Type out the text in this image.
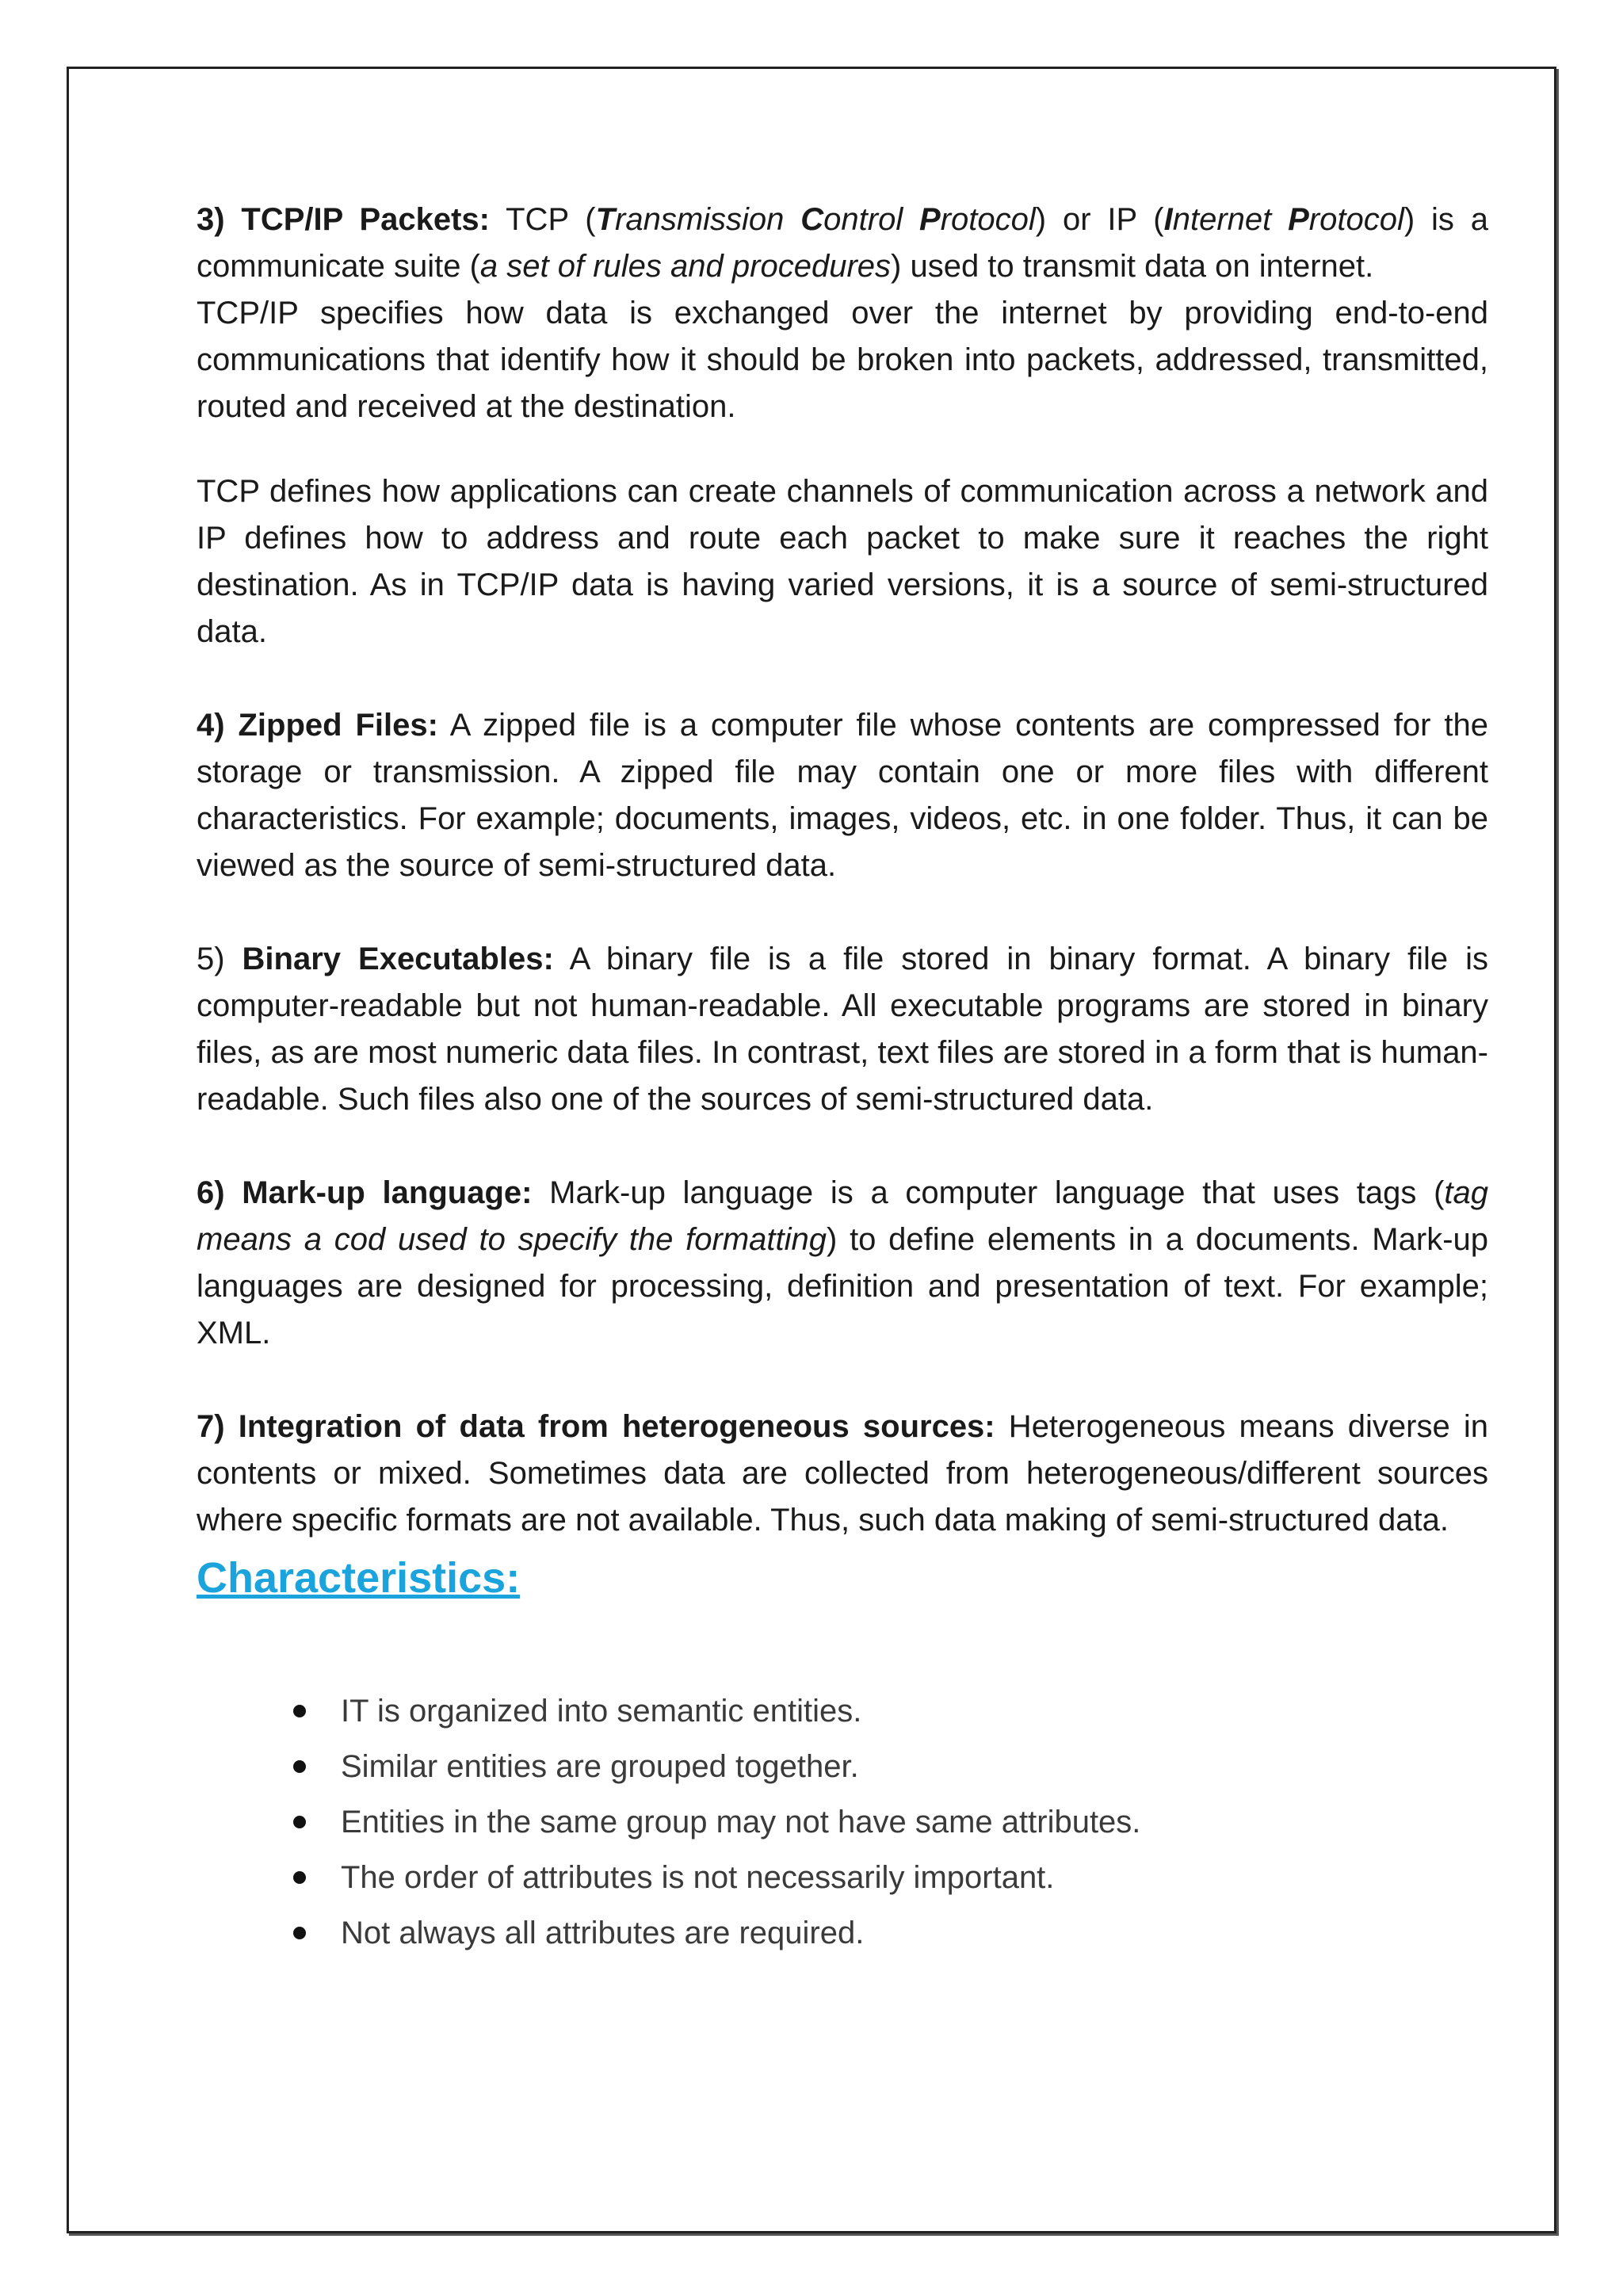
3) TCP/IP Packets: TCP (Transmission Control Protocol) or IP (Internet Protocol) is a communicate suite (a set of rules and procedures) used to transmit data on internet.

TCP/IP specifies how data is exchanged over the internet by providing end-to-end communications that identify how it should be broken into packets, addressed, transmitted, routed and received at the destination.

TCP defines how applications can create channels of communication across a network and IP defines how to address and route each packet to make sure it reaches the right destination. As in TCP/IP data is having varied versions, it is a source of semi-structured data.

4) Zipped Files: A zipped file is a computer file whose contents are compressed for the storage or transmission. A zipped file may contain one or more files with different characteristics. For example; documents, images, videos, etc. in one folder. Thus, it can be viewed as the source of semi-structured data.

5) Binary Executables: A binary file is a file stored in binary format. A binary file is computer-readable but not human-readable. All executable programs are stored in binary files, as are most numeric data files. In contrast, text files are stored in a form that is human-readable. Such files also one of the sources of semi-structured data.

6) Mark-up language: Mark-up language is a computer language that uses tags (tag means a cod used to specify the formatting) to define elements in a documents. Mark-up languages are designed for processing, definition and presentation of text. For example; XML.

7) Integration of data from heterogeneous sources: Heterogeneous means diverse in contents or mixed. Sometimes data are collected from heterogeneous/different sources where specific formats are not available. Thus, such data making of semi-structured data.

Characteristics:
IT is organized into semantic entities.
Similar entities are grouped together.
Entities in the same group may not have same attributes.
The order of attributes is not necessarily important.
Not always all attributes are required.
